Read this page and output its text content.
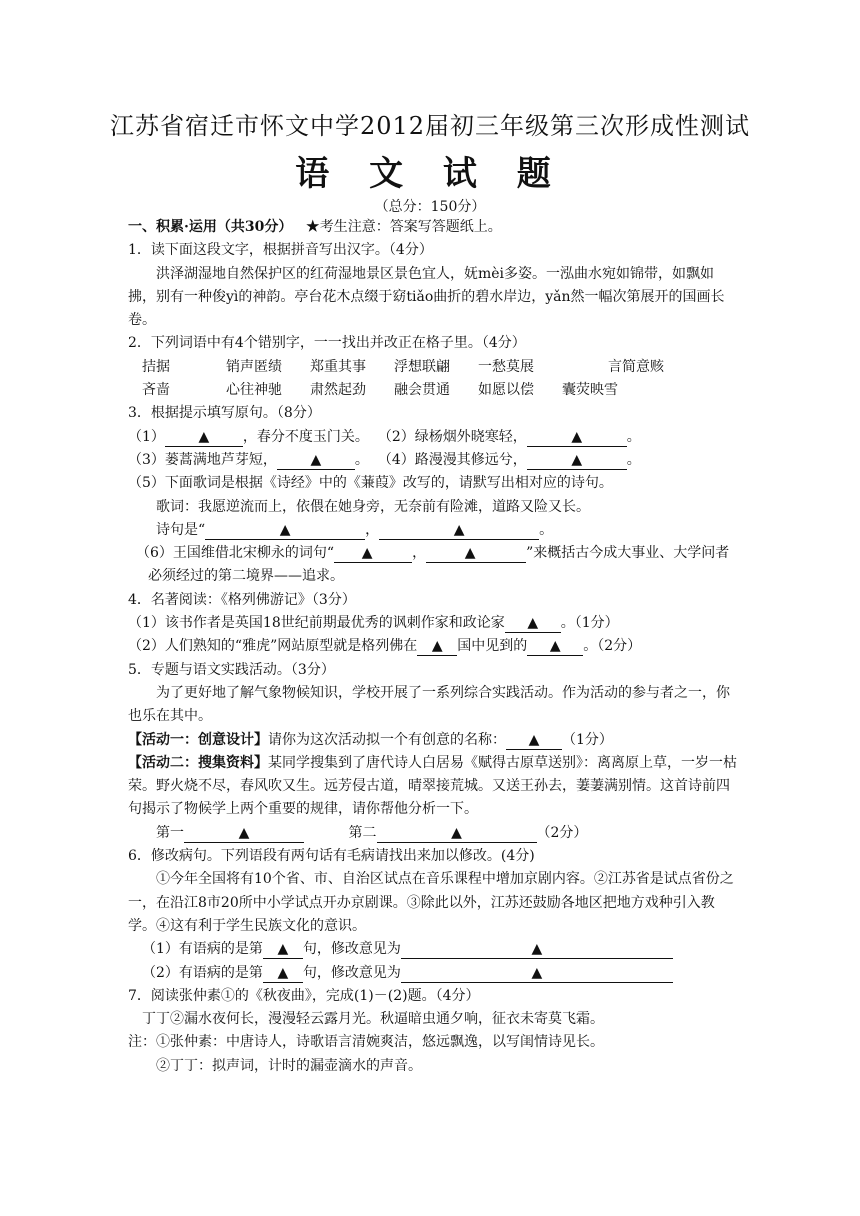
江苏省宿迁市怀文中学2012届初三年级第三次形成性测试
语 文 试 题
（总分：150分）

一、积累·运用（共30分） ★考生注意：答案写答题纸上。

1．读下面这段文字，根据拼音写出汉字。（4分）

洪泽湖湿地自然保护区的红荷湿地景区景色宜人，妩mèi多姿。一泓曲水宛如锦带，如飘如拂，别有一种俊yì的神韵。亭台花木点缀于窈tiǎo曲折的碧水岸边，yǎn然一幅次第展开的国画长卷。

2．下列词语中有4个错别字，一一找出并改正在格子里。（4分）

拮据	销声匿绩 郑重其事 浮想联翩 一愁莫展	言简意赅

吝啬	心往神驰 肃然起劲 融会贯通 如愿以偿 囊荧映雪

3．根据提示填写原句。（8分）

（1） ▲ ，春分不度玉门关。 （2）绿杨烟外晓寒轻，	▲	。

（3）蒌蒿满地芦芽短， ▲ 。 （4）路漫漫其修远兮，	▲	。

（5）下面歌词是根据《诗经》中的《蒹葭》改写的，请默写出相对应的诗句。

歌词：我愿逆流而上，依偎在她身旁，无奈前有险滩，道路又险又长。

诗句是“	▲	，	▲	。

（6）王国维借北宋柳永的词句“ ▲	，	▲	”来概括古今成大事业、大学问者必须经过的第二境界——追求。

4．名著阅读：《格列佛游记》（3分）

（1）该书作者是英国18世纪前期最优秀的讽刺作家和政论家 ▲ 。（1分）

（2）人们熟知的“雅虎”网站原型就是格列佛在 ▲ 国中见到的 ▲ 。（2分）

5．专题与语文实践活动。（3分）

为了更好地了解气象物候知识，学校开展了一系列综合实践活动。作为活动的参与者之一，你也乐在其中。

【活动一：创意设计】请你为这次活动拟一个有创意的名称： ▲ （1分）

【活动二：搜集资料】某同学搜集到了唐代诗人白居易《赋得古原草送别》：离离原上草，一岁一枯荣。野火烧不尽，春风吹又生。远芳侵古道，晴翠接荒城。又送王孙去，萋萋满别情。这首诗前四句揭示了物候学上两个重要的规律，请你帮他分析一下。

第一	▲	第二	▲	（2分）

6．修改病句。下列语段有两句话有毛病请找出来加以修改。(4分)

①今年全国将有10个省、市、自治区试点在音乐课程中增加京剧内容。②江苏省是试点省份之一，在沿江8市20所中小学试点开办京剧课。③除此以外，江苏还鼓励各地区把地方戏种引入教学。④这有利于学生民族文化的意识。

（1）有语病的是第 ▲ 句，修改意见为	▲

（2）有语病的是第 ▲ 句，修改意见为	▲

7．阅读张仲素①的《秋夜曲》，完成(1)－(2)题。（4分）

丁丁②漏水夜何长，漫漫轻云露月光。秋逼暗虫通夕响，征衣未寄莫飞霜。

注：①张仲素：中唐诗人，诗歌语言清婉爽洁，悠远飘逸，以写闺情诗见长。

②丁丁：拟声词，计时的漏壶滴水的声音。
